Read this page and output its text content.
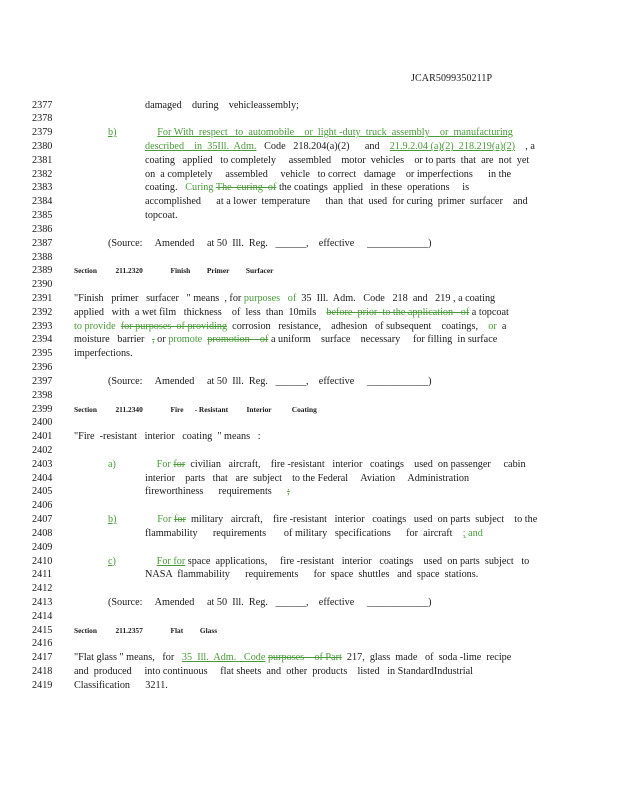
JCAR5099350211P
2377	damaged    during    vehicleassembly;
2378
2379	b)	For With  respect   to  automobile    or  light -duty  truck  assembly    or  manufacturing
2380	described    in  35Ill.  Adm.   Code   218.204(a)(2)      and    21.9.2.04 (a)(2)  218.219(a)(2)    , a
2381	coating   applied   to completely     assembled    motor  vehicles    or to parts  that  are  not  yet
2382	on  a completely     assembled     vehicle   to correct   damage    or imperfections      in the
2383	coating.   Curing The  curing  of the coatings  applied   in these  operations     is
2384	accomplished      at a lower  temperature      than  that  used  for curing  primer  surfacer    and
2385	topcoat.
2386
2387	(Source:     Amended     at 50  Ill.  Reg.   ______,    effective     ____________)
2388
2389	Section          211.2320               Finish         Primer         Surfacer
2390
2391	"Finish   primer   surfacer   " means  , for purposes of  35  Ill.  Adm.   Code   218  and   219 , a coating
2392	applied   with  a wet film   thickness    of  less  than  10mils    before  prior  to the application   of a topcoat
2393	to provide for purposes  of providing  corrosion   resistance,    adhesion   of subsequent    coatings,    or  a
2394	moisture   barrier   , or promote promotion    of a uniform    surface    necessary     for filling  in surface
2395	imperfections.
2396
2397	(Source:     Amended     at 50  Ill.  Reg.   ______,    effective     ____________)
2398
2399	Section          211.2340               Fire      - Resistant          Interior           Coating
2400
2401	"Fire  -resistant   interior   coating  " means   :
2402
2403	a)	For for  civilian   aircraft,    fire -resistant   interior   coatings    used  on passenger     cabin
2404	interior    parts   that   are  subject    to the Federal     Aviation     Administration
2405	fireworthiness      requirements      ;
2406
2407	b)	For for  military   aircraft,    fire -resistant   interior   coatings   used  on parts  subject    to the
2408	flammability      requirements       of military   specifications      for  aircraft    ; and
2409
2410	c)	For for space  applications,     fire -resistant   interior   coatings    used  on parts  subject   to
2411	NASA  flammability      requirements      for  space  shuttles   and  space  stations.
2412
2413	(Source:     Amended     at 50  Ill.  Reg.   ______,    effective     ____________)
2414
2415	Section          211.2357               Flat         Glass
2416
2417	"Flat glass " means,   for   35  Ill.  Adm.   Code purposes    of Part  217,  glass  made   of  soda -lime  recipe
2418	and  produced     into continuous     flat sheets  and  other  products    listed   in StandardIndustrial
2419	Classification      3211.
